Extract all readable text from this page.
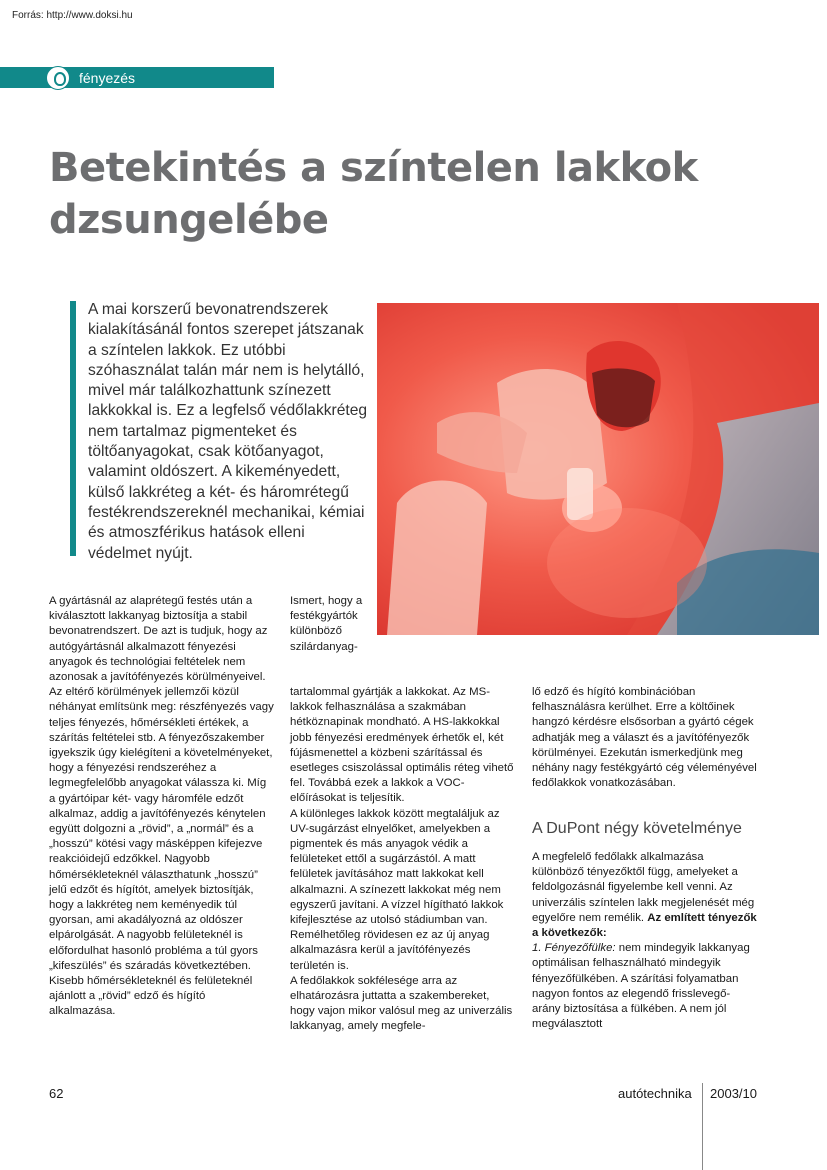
Forrás: http://www.doksi.hu
fényezés
Betekintés a színtelen lakkok dzsungelébe

A mai korszerű bevonatrendszerek kialakításánál fontos szerepet játszanak a színtelen lakkok. Ez utóbbi szóhasználat talán már nem is helytálló, mivel már találkozhattunk színezett lakkokkal is. Ez a legfelső védőlakkréteg nem tartalmaz pigmenteket és töltőanyagokat, csak kötőanyagot, valamint oldószert. A kikeményedett, külső lakkréteg a két- és háromrétegű festékrendszereknél mechanikai, kémiai és atmoszférikus hatások elleni védelmet nyújt.

A gyártásnál az alaprétegű festés után a kiválasztott lakkanyag biztosítja a stabil bevonatrendszert. De azt is tudjuk, hogy az autógyártásnál alkalmazott fényezési anyagok és technológiai feltételek nem azonosak a javítófényezés körülményeivel. Az eltérő körülmények jellemzői közül néhányat említsünk meg: részfényezés vagy teljes fényezés, hőmérsékleti értékek, a szárítás feltételei stb. A fényezőszakember igyekszik úgy kielégíteni a követelményeket, hogy a fényezési rendszeréhez a legmegfelelőbb anyagokat válassza ki. Míg a gyártóipar két- vagy háromféle edzőt alkalmaz, addig a javítófényezés kénytelen együtt dolgozni a „rövid”, a „normál” és a „hosszú” kötési vagy másképpen kifejezve reakcióidejű edzőkkel. Nagyobb hőmérsékleteknél választhatunk „hosszú” jelű edzőt és hígítót, amelyek biztosítják, hogy a lakkréteg nem keményedik túl gyorsan, ami akadályozná az oldószer elpárolgását. A nagyobb felületeknél is előfordulhat hasonló probléma a túl gyors „kifeszülés” és száradás következtében. Kisebb hőmérsékleteknél és felületeknél ajánlott a „rövid” edző és hígító alkalmazása.
Ismert, hogy a festékgyártók különböző szilárdanyag-

tartalommal gyártják a lakkokat. Az MS-lakkok felhasználása a szakmában hétköznapinak mondható. A HS-lakkokkal jobb fényezési eredmények érhetők el, két fújásmenettel a közbeni szárítással és esetleges csiszolással optimális réteg vihető fel. Továbbá ezek a lakkok a VOC-előírásokat is teljesítik.

A különleges lakkok között megtaláljuk az UV-sugárzást elnyelőket, amelyekben a pigmentek és más anyagok védik a felületeket ettől a sugárzástól. A matt felületek javításához matt lakkokat kell alkalmazni. A színezett lakkokat még nem egyszerű javítani. A vízzel hígítható lakkok kifejlesztése az utolsó stádiumban van. Remélhetőleg rövidesen ez az új anyag alkalmazásra kerül a javítófényezés területén is.

A fedőlakkok sokfélesége arra az elhatározásra juttatta a szakembereket, hogy vajon mikor valósul meg az univerzális lakkanyag, amely megfele-

lő edző és hígító kombinációban felhasználásra kerülhet. Erre a költőinek hangzó kérdésre elsősorban a gyártó cégek adhatják meg a választ és a javítófényezők körülményei. Ezekután ismerkedjünk meg néhány nagy festékgyártó cég véleményével fedőlakkok vonatkozásában.
A DuPont négy követelménye

A megfelelő fedőlakk alkalmazása különböző tényezőktől függ, amelyeket a feldolgozásnál figyelembe kell venni. Az univerzális színtelen lakk megjelenését még egyelőre nem remélik. Az említett tényezők a következők:

1. Fényezőfülke: nem mindegyik lakkanyag optimálisan felhasználható mindegyik fényezőfülkében. A szárítási folyamatban nagyon fontos az elegendő frisslevegő-arány biztosítása a fülkében. A nem jól megválasztott

62	autótechnika 2003/10
